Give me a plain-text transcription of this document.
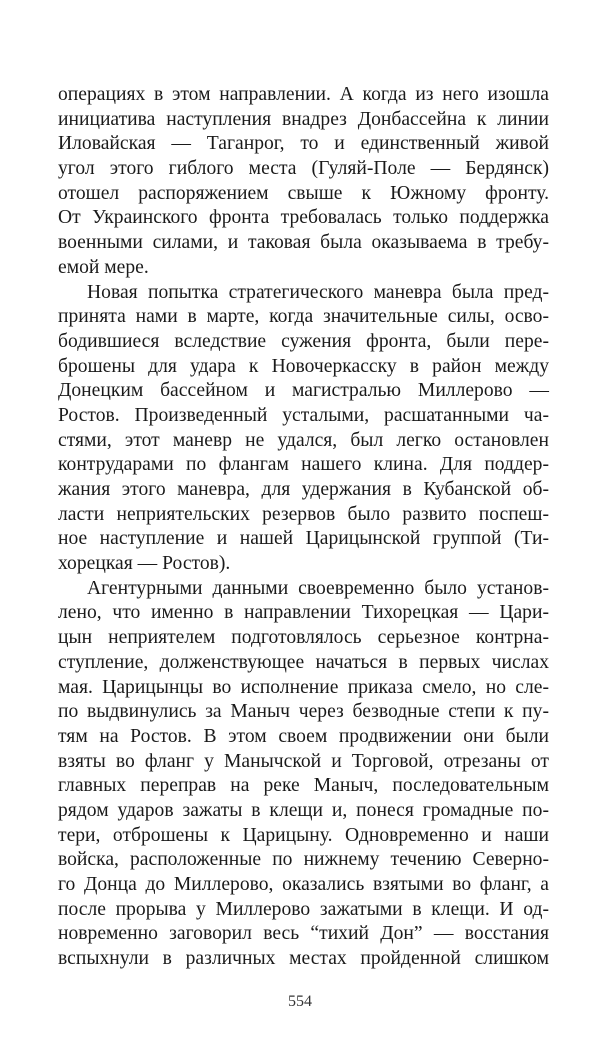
операциях в этом направлении. А когда из него изошла
инициатива наступления внадрез Донбассейна к линии
Иловайская — Таганрог, то и единственный живой
угол этого гиблого места (Гуляй-Поле — Бердянск)
отошел распоряжением свыше к Южному фронту.
От Украинского фронта требовалась только поддержка
военными силами, и таковая была оказываема в требу-
емой мере.
Новая попытка стратегического маневра была пред-
принята нами в марте, когда значительные силы, осво-
бодившиеся вследствие сужения фронта, были пере-
брошены для удара к Новочеркасску в район между
Донецким бассейном и магистралью Миллерово —
Ростов. Произведенный усталыми, расшатанными ча-
стями, этот маневр не удался, был легко остановлен
контрударами по флангам нашего клина. Для поддер-
жания этого маневра, для удержания в Кубанской об-
ласти неприятельских резервов было развито поспеш-
ное наступление и нашей Царицынской группой (Ти-
хорецкая — Ростов).
Агентурными данными своевременно было установ-
лено, что именно в направлении Тихорецкая — Цари-
цын неприятелем подготовлялось серьезное контрна-
ступление, долженствующее начаться в первых числах
мая. Царицынцы во исполнение приказа смело, но сле-
по выдвинулись за Маныч через безводные степи к пу-
тям на Ростов. В этом своем продвижении они были
взяты во фланг у Манычской и Торговой, отрезаны от
главных переправ на реке Маныч, последовательным
рядом ударов зажаты в клещи и, понеся громадные по-
тери, отброшены к Царицыну. Одновременно и наши
войска, расположенные по нижнему течению Северно-
го Донца до Миллерово, оказались взятыми во фланг, а
после прорыва у Миллерово зажатыми в клещи. И од-
новременно заговорил весь “тихий Дон” — восстания
вспыхнули в различных местах пройденной слишком
554
